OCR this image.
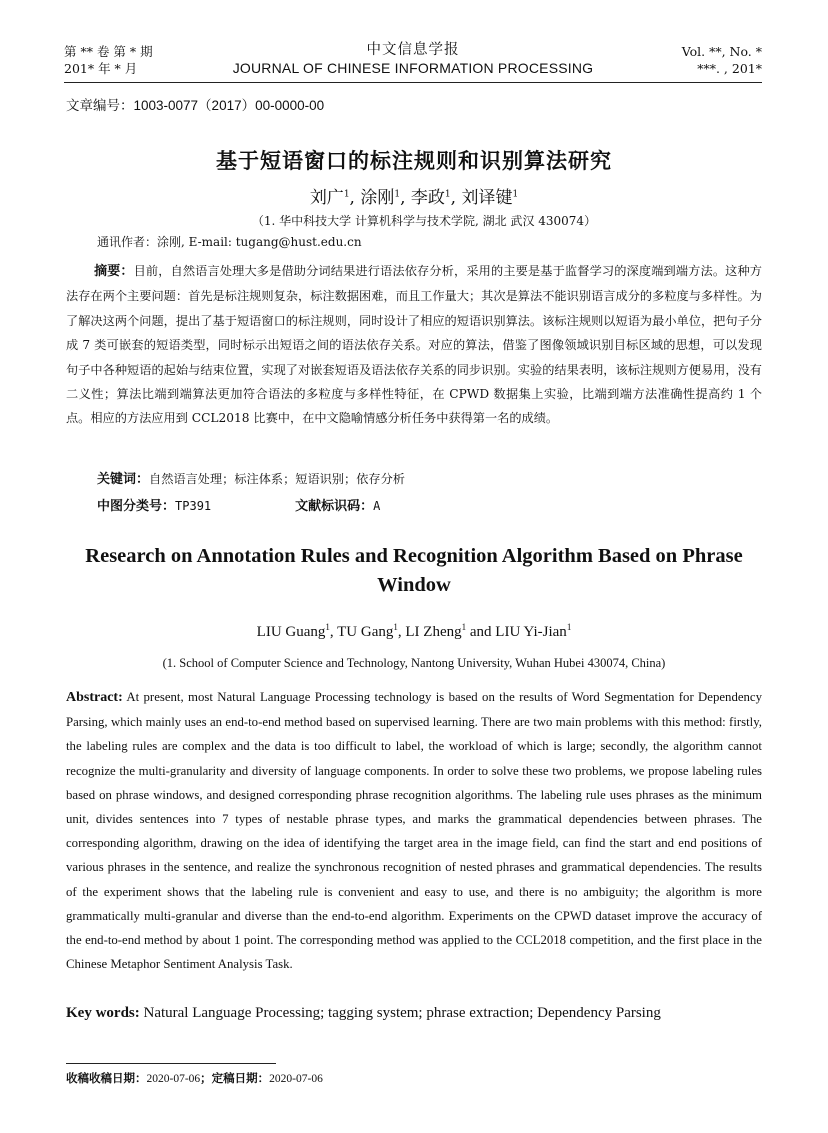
第 ** 卷 第 * 期
201* 年 * 月
中文信息学报
JOURNAL OF CHINESE INFORMATION PROCESSING
Vol. **, No. *
***. , 201*
文章编号：1003-0077（2017）00-0000-00
基于短语窗口的标注规则和识别算法研究
刘广$^1$, 涂刚$^1$, 李政$^1$, 刘译键$^1$
（1. 华中科技大学 计算机科学与技术学院, 湖北 武汉 430074）
通讯作者：涂刚, E-mail: tugang@hust.edu.cn
摘要：目前，自然语言处理大多是借助分词结果进行语法依存分析，采用的主要是基于监督学习的深度端到端方法。这种方法存在两个主要问题：首先是标注规则复杂，标注数据困难，而且工作量大；其次是算法不能识别语言成分的多粒度与多样性。为了解决这两个问题，提出了基于短语窗口的标注规则，同时设计了相应的短语识别算法。该标注规则以短语为最小单位，把句子分成 7 类可嵌套的短语类型，同时标示出短语之间的语法依存关系。对应的算法，借鉴了图像领域识别目标区域的思想，可以发现句子中各种短语的起始与结束位置，实现了对嵌套短语及语法依存关系的同步识别。实验的结果表明，该标注规则方便易用，没有二义性；算法比端到端算法更加符合语法的多粒度与多样性特征，在 CPWD 数据集上实验，比端到端方法准确性提高约 1 个点。相应的方法应用到 CCL2018 比赛中，在中文隐喻情感分析任务中获得第一名的成绩。
关键词：自然语言处理；标注体系；短语识别；依存分析
中图分类号：TP391	文献标识码：A
Research on Annotation Rules and Recognition Algorithm Based on Phrase Window
LIU Guang$^1$, TU Gang$^1$, LI Zheng$^1$ and LIU Yi-Jian$^1$
(1. School of Computer Science and Technology, Nantong University, Wuhan Hubei 430074, China)
Abstract: At present, most Natural Language Processing technology is based on the results of Word Segmentation for Dependency Parsing, which mainly uses an end-to-end method based on supervised learning. There are two main problems with this method: firstly, the labeling rules are complex and the data is too difficult to label, the workload of which is large; secondly, the algorithm cannot recognize the multi-granularity and diversity of language components. In order to solve these two problems, we propose labeling rules based on phrase windows, and designed corresponding phrase recognition algorithms. The labeling rule uses phrases as the minimum unit, divides sentences into 7 types of nestable phrase types, and marks the grammatical dependencies between phrases. The corresponding algorithm, drawing on the idea of identifying the target area in the image field, can find the start and end positions of various phrases in the sentence, and realize the synchronous recognition of nested phrases and grammatical dependencies. The results of the experiment shows that the labeling rule is convenient and easy to use, and there is no ambiguity; the algorithm is more grammatically multi-granular and diverse than the end-to-end algorithm. Experiments on the CPWD dataset improve the accuracy of the end-to-end method by about 1 point. The corresponding method was applied to the CCL2018 competition, and the first place in the Chinese Metaphor Sentiment Analysis Task.
Key words: Natural Language Processing; tagging system; phrase extraction; Dependency Parsing
收稿收稿日期：2020-07-06；定稿日期：2020-07-06
